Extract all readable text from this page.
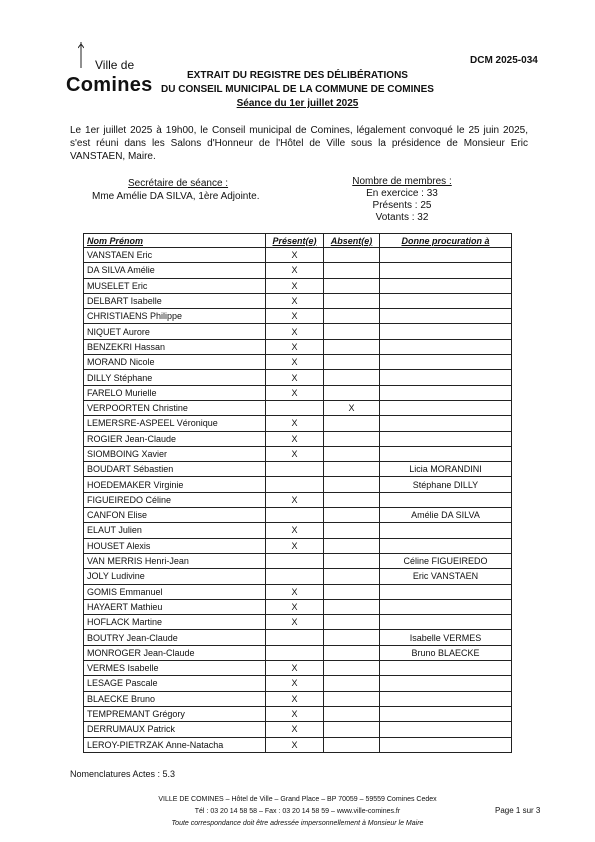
Ville de
Comines
DCM 2025-034
EXTRAIT DU REGISTRE DES DÉLIBÉRATIONS
DU CONSEIL MUNICIPAL DE LA COMMUNE DE COMINES
Séance du 1er juillet 2025
Le 1er juillet 2025 à 19h00, le Conseil municipal de Comines, légalement convoqué le 25 juin 2025, s'est réuni dans les Salons d'Honneur de l'Hôtel de Ville sous la présidence de Monsieur Eric VANSTAEN, Maire.
Secrétaire de séance :
Mme Amélie DA SILVA, 1ère Adjointe.
Nombre de membres :
En exercice : 33
Présents : 25
Votants : 32
Nom Prénom	Présent(e)	Absent(e)	Donne procuration à
VANSTAEN Eric	X		
DA SILVA Amélie	X		
MUSELET Eric	X		
DELBART Isabelle	X		
CHRISTIAENS Philippe	X		
NIQUET Aurore	X		
BENZEKRI Hassan	X		
MORAND Nicole	X		
DILLY Stéphane	X		
FARELO Murielle	X		
VERPOORTEN Christine		X	
LEMERSRE-ASPEEL Véronique	X		
ROGIER Jean-Claude	X		
SIOMBOING Xavier	X		
BOUDART Sébastien			Licia MORANDINI
HOEDEMAKER Virginie			Stéphane DILLY
FIGUEIREDO Céline	X		
CANFON Elise			Amélie DA SILVA
ELAUT Julien	X		
HOUSET Alexis	X		
VAN MERRIS Henri-Jean			Céline FIGUEIREDO
JOLY Ludivine			Eric VANSTAEN
GOMIS Emmanuel	X		
HAYAERT Mathieu	X		
HOFLACK Martine	X		
BOUTRY Jean-Claude			Isabelle VERMES
MONROGER Jean-Claude			Bruno BLAECKE
VERMES Isabelle	X		
LESAGE Pascale	X		
BLAECKE Bruno	X		
TEMPREMANT Grégory	X		
DERRUMAUX Patrick	X		
LEROY-PIETRZAK Anne-Natacha	X		
Nomenclatures Actes : 5.3
VILLE DE COMINES – Hôtel de Ville – Grand Place – BP 70059 – 59559 Comines Cedex
Tél : 03 20 14 58 58 – Fax : 03 20 14 58 59 – www.ville-comines.fr
Toute correspondance doit être adressée impersonnellement à Monsieur le Maire
Page 1 sur 3
